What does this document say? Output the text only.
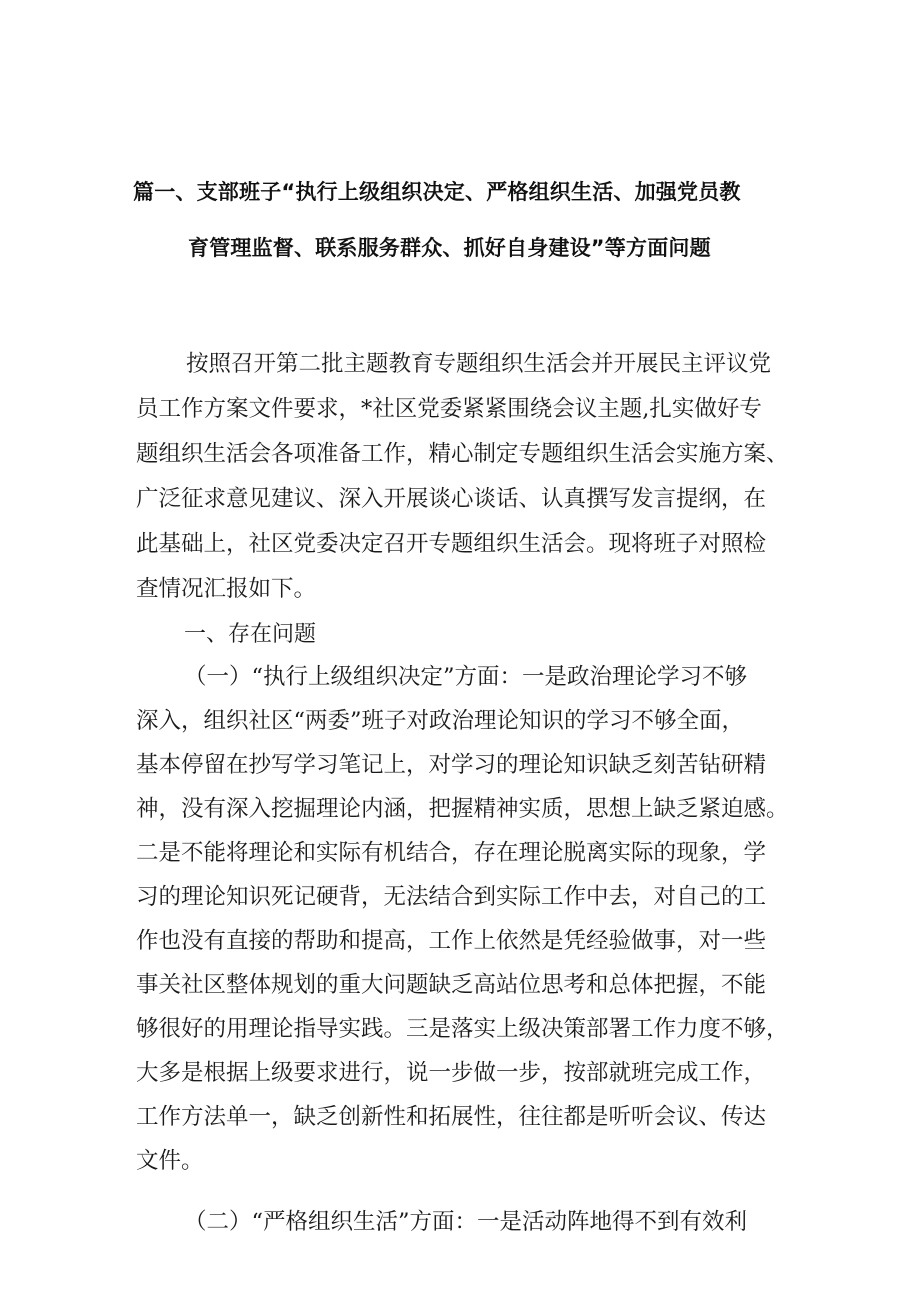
篇一、支部班子“执行上级组织决定、严格组织生活、加强党员教
育管理监督、联系服务群众、抓好自身建设”等方面问题
按照召开第二批主题教育专题组织生活会并开展民主评议党
员工作方案文件要求，*社区党委紧紧围绕会议主题,扎实做好专
题组织生活会各项准备工作，精心制定专题组织生活会实施方案、
广泛征求意见建议、深入开展谈心谈话、认真撰写发言提纲，在
此基础上，社区党委决定召开专题组织生活会。现将班子对照检
查情况汇报如下。
一、存在问题
（一）“执行上级组织决定”方面：一是政治理论学习不够
深入，组织社区“两委”班子对政治理论知识的学习不够全面，
基本停留在抄写学习笔记上，对学习的理论知识缺乏刻苦钻研精
神，没有深入挖掘理论内涵，把握精神实质，思想上缺乏紧迫感。
二是不能将理论和实际有机结合，存在理论脱离实际的现象，学
习的理论知识死记硬背，无法结合到实际工作中去，对自己的工
作也没有直接的帮助和提高，工作上依然是凭经验做事，对一些
事关社区整体规划的重大问题缺乏高站位思考和总体把握，不能
够很好的用理论指导实践。三是落实上级决策部署工作力度不够，
大多是根据上级要求进行，说一步做一步，按部就班完成工作，
工作方法单一，缺乏创新性和拓展性，往往都是听听会议、传达
文件。
（二）“严格组织生活”方面：一是活动阵地得不到有效利
